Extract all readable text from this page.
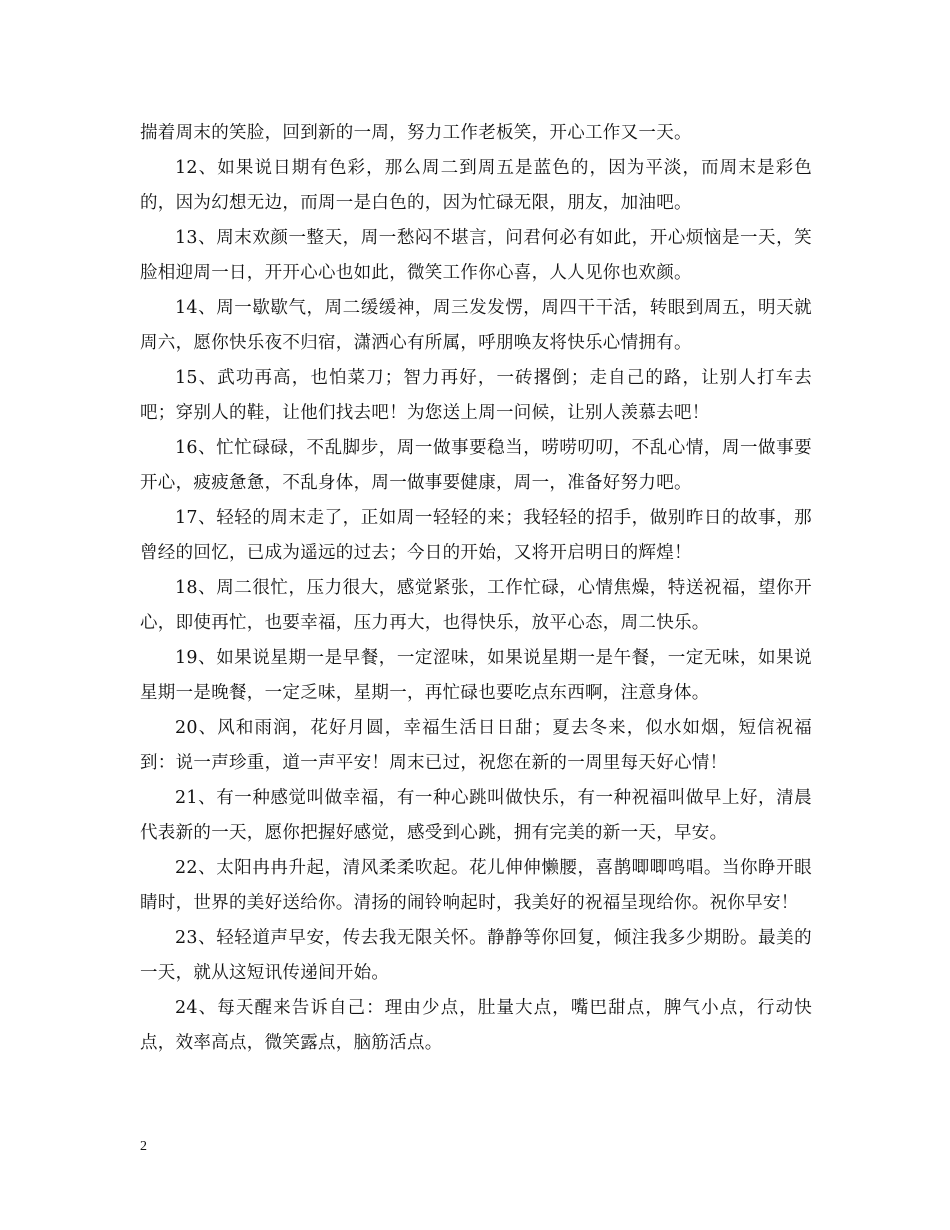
揣着周末的笑脸，回到新的一周，努力工作老板笑，开心工作又一天。

12、如果说日期有色彩，那么周二到周五是蓝色的，因为平淡，而周末是彩色的，因为幻想无边，而周一是白色的，因为忙碌无限，朋友，加油吧。

13、周末欢颜一整天，周一愁闷不堪言，问君何必有如此，开心烦恼是一天，笑脸相迎周一日，开开心心也如此，微笑工作你心喜，人人见你也欢颜。

14、周一歇歇气，周二缓缓神，周三发发愣，周四干干活，转眼到周五，明天就周六，愿你快乐夜不归宿，潇洒心有所属，呼朋唤友将快乐心情拥有。

15、武功再高，也怕菜刀；智力再好，一砖撂倒；走自己的路，让别人打车去吧；穿别人的鞋，让他们找去吧！为您送上周一问候，让别人羡慕去吧！

16、忙忙碌碌，不乱脚步，周一做事要稳当，唠唠叨叨，不乱心情，周一做事要开心，疲疲惫惫，不乱身体，周一做事要健康，周一，准备好努力吧。

17、轻轻的周末走了，正如周一轻轻的来；我轻轻的招手，做别昨日的故事，那曾经的回忆，已成为遥远的过去；今日的开始，又将开启明日的辉煌！

18、周二很忙，压力很大，感觉紧张，工作忙碌，心情焦燥，特送祝福，望你开心，即使再忙，也要幸福，压力再大，也得快乐，放平心态，周二快乐。

19、如果说星期一是早餐，一定涩味，如果说星期一是午餐，一定无味，如果说星期一是晚餐，一定乏味，星期一，再忙碌也要吃点东西啊，注意身体。

20、风和雨润，花好月圆，幸福生活日日甜；夏去冬来，似水如烟，短信祝福到：说一声珍重，道一声平安！周末已过，祝您在新的一周里每天好心情！

21、有一种感觉叫做幸福，有一种心跳叫做快乐，有一种祝福叫做早上好，清晨代表新的一天，愿你把握好感觉，感受到心跳，拥有完美的新一天，早安。

22、太阳冉冉升起，清风柔柔吹起。花儿伸伸懒腰，喜鹊唧唧鸣唱。当你睁开眼睛时，世界的美好送给你。清扬的闹铃响起时，我美好的祝福呈现给你。祝你早安！

23、轻轻道声早安，传去我无限关怀。静静等你回复，倾注我多少期盼。最美的一天，就从这短讯传递间开始。

24、每天醒来告诉自己：理由少点，肚量大点，嘴巴甜点，脾气小点，行动快点，效率高点，微笑露点，脑筋活点。

2
